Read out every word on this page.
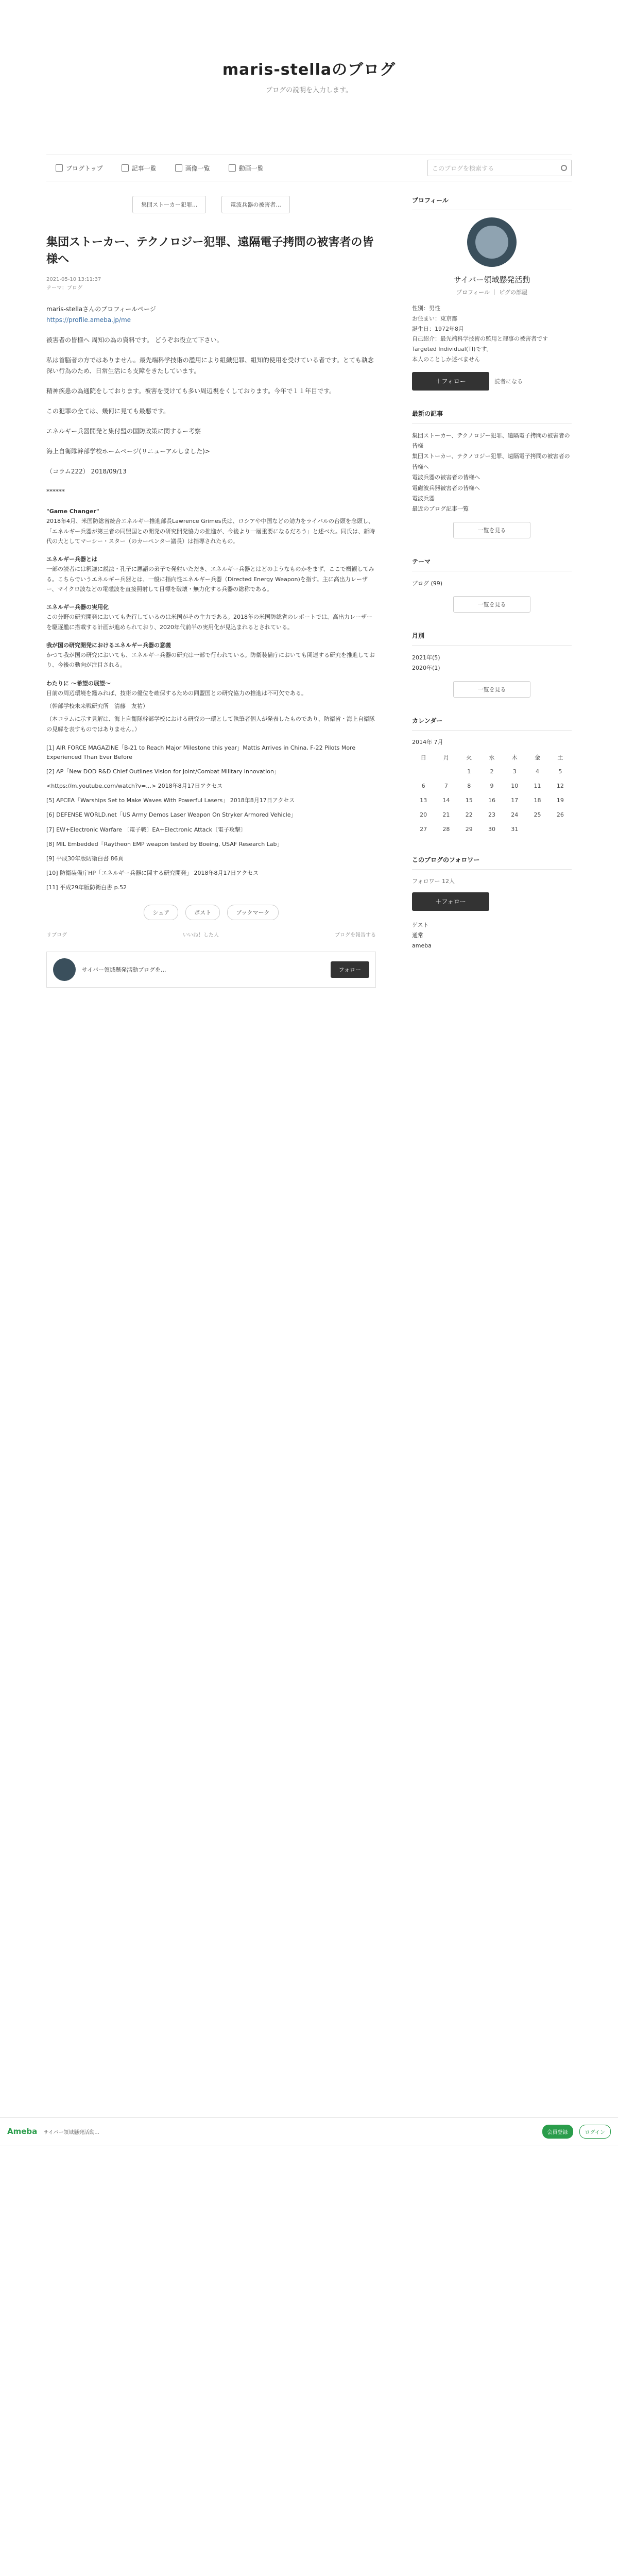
maris-stellaのブログ

ブログの説明を入力します。

ブログトップ	記事一覧	画像一覧	動画一覧	このブログを検索する
集団ストーカー犯罪...	電波兵器の被害者...
集団ストーカー、テクノロジー犯罪、遠隔電子拷問の被害者の皆様へ
2021-05-10 13:11:37
テーマ：ブログ

maris-stellaさんのプロフィールページ
https://profile.ameba.jp/me

被害者の皆様へ 周知の為の資料です。 どうぞお役立て下さい。

私は首脳者の方ではありません。最先端科学技術の濫用により組織犯罪、組知的使用を受けている者です。とても執念深い行為のため、日常生活にも支障をきたしています。

精神疾患の為通院をしております。被害を受けても多い周辺視をくしております。今年で１１年目です。

この犯罪の全ては、幾何に見ても最悪です。

エネルギー兵器開発と集付盟の国防政策に関するー考察

海上自衛隊幹部学校ホームページ(リニューアルしました)>

（コラム222） 2018/09/13

******

"Game Changer"

2018年4月、米国防総省統合エネルギー推進部長Lawrence Grimes氏は、ロシアや中国などの効力をライバルの台頭を念頭し、「エネルギー兵器が第三者の同盟国との開発の研究開発協力の推進が、今後より一層重要になるだろう」と述べた。同氏は、新時代の大としてマーシー・スター（のカーペンター議長）は指導されたもの。

エネルギー兵器とは

一部の読者には釈迦に説法・孔子に悪語の弟子で発射いただき、エネルギー兵器とはどのようなものかをまず、ここで概観してみる。こちらでいうエネルギー兵器とは、一般に指向性エネルギー兵器（Directed Energy Weapon)を指す。主に高出力レーザー、マイクロ波などの電磁波を直接照射して目標を破壊・無力化する兵器の総称である。

エネルギー兵器の実用化

この分野の研究開発においても先行しているのは米国がその主力である。2018年の米国防総省のレポートでは、高出力レーザーを駆逐艦に搭載する計画が進められており、2020年代前半の実用化が見込まれるとされている。

我が国の研究開発におけるエネルギー兵器の意義

かつて我が国の研究においても、エネルギー兵器の研究は一部で行われている。防衛装備庁においても関連する研究を推進しており、今後の動向が注目される。

わたりに ～希望の展望～

目前の周辺環境を鑑みれば、技術の優位を確保するための同盟国との研究協力の推進は不可欠である。

（幹部学校未来戦研究所　清藤　友祐）

（本コラムに示す見解は、海上自衛隊幹部学校における研究の一環として執筆者個人が発表したものであり、防衛省・海上自衛隊の見解を表すものではありません。）

[1] AIR FORCE MAGAZINE「B-21 to Reach Major Milestone this year」Mattis Arrives in China, F-22 Pilots More Experienced Than Ever Before

[2] AP「New DOD R&D Chief Outlines Vision for Joint/Combat Military Innovation」

<https://m.youtube.com/watch?v=...> 2018年8月17日アクセス

[5] AFCEA「Warships Set to Make Waves With Powerful Lasers」 2018年8月17日アクセス

[6] DEFENSE WORLD.net「US Army Demos Laser Weapon On Stryker Armored Vehicle」

[7] EW+Electronic Warfare 〔電子戦〕EA+Electronic Attack〔電子攻撃〕

[8] MIL Embedded「Raytheon EMP weapon tested by Boeing, USAF Research Lab」

[9] 平成30年版防衛白書 86頁

[10] 防衛装備庁HP「エネルギー兵器に関する研究開発」 2018年8月17日アクセス

[11] 平成29年版防衛白書 p.52

シェア	ポスト	ブックマーク
リブログ	いいね！した人	ブログを報告する
サイバー領域懸発活動ブログを...	フォロー
プロフィール
サイバー領域懸発活動
プロフィール ｜ ピグの部屋
性別：男性
お住まい：東京都
誕生日：1972年8月
自己紹介：最先端科学技術の監用と理事の被害者です
Targeted Individual(TI)です。
本人のことしか述べません
＋フォロー	読者になる
最新の記事
集団ストーカー、テクノロジー犯罪、遠隔電子拷問の被害者の皆様
集団ストーカー、テクノロジー犯罪、遠隔電子拷問の被害者の皆様へ
電波兵器の被害者の皆様へ
電磁波兵器被害者の皆様へ
電波兵器
最近のブログ記事一覧
一覧を見る
テーマ
ブログ (99)
一覧を見る
月別
2021年(5)
2020年(1)
一覧を見る
カレンダー
2014年 7月
日	月	火	水	木	金	土
		1	2	3	4	5
6	7	8	9	10	11	12
13	14	15	16	17	18	19
20	21	22	23	24	25	26
27	28	29	30	31		
このブログのフォロワー
フォロワー 12人
＋フォロー
ゲスト
通常
ameba
Ameba サイバー領域懸発活動...	会員登録	ログイン
